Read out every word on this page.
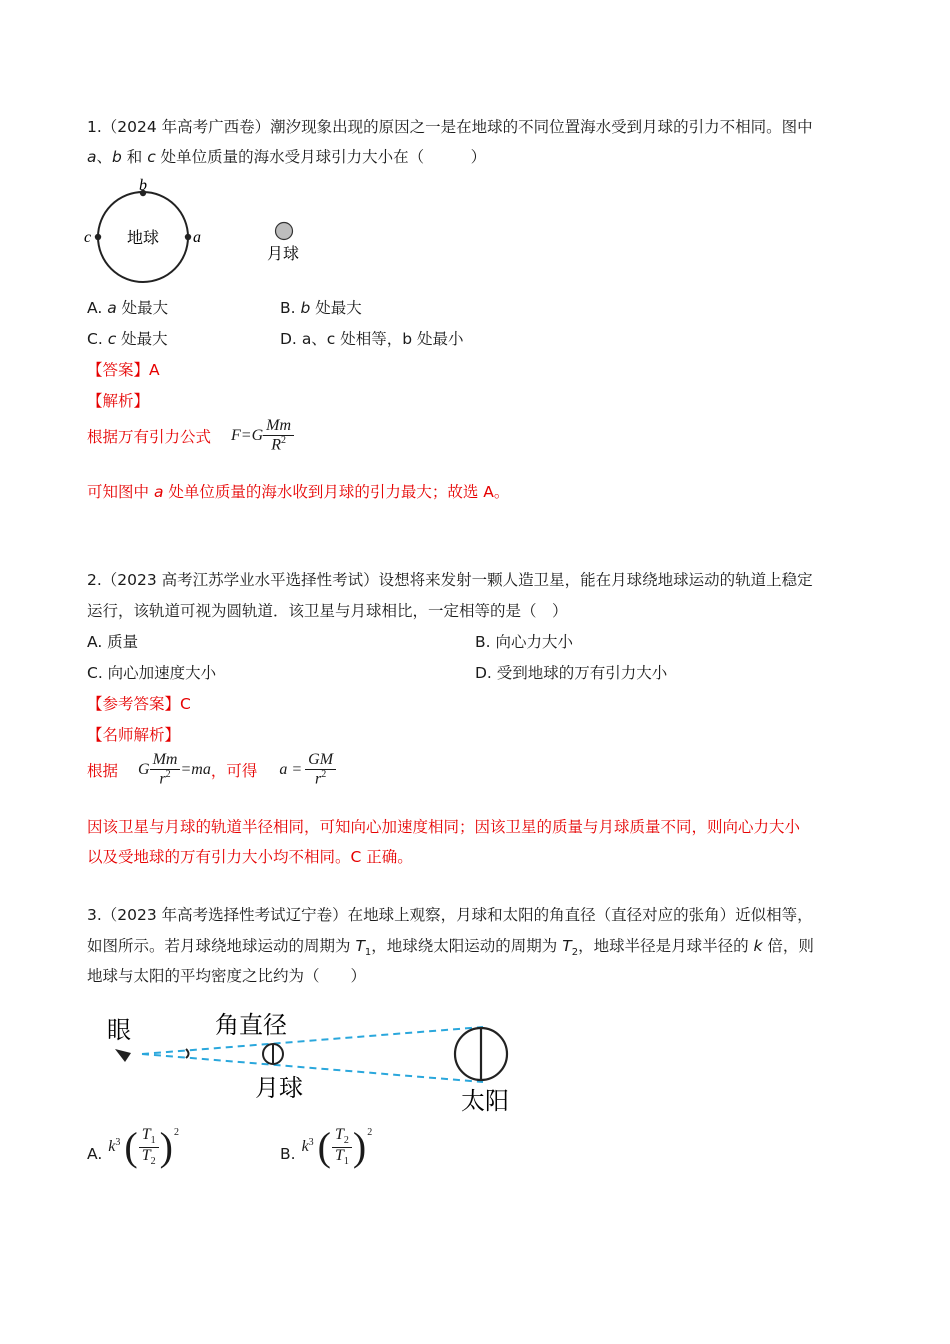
1.（2024 年高考广西卷）潮汐现象出现的原因之一是在地球的不同位置海水受到月球的引力不相同。图中
a、b 和 c 处单位质量的海水受月球引力大小在（　　　）
b
c	a
地球
月球
A. a 处最大	B. b 处最大
C. c 处最大	D. a、c 处相等，b 处最小
【答案】A
【解析】
根据万有引力公式 $F =G \frac{Mm}{R^2}$
可知图中 a 处单位质量的海水收到月球的引力最大；故选 A。
2.（2023 高考江苏学业水平选择性考试）设想将来发射一颗人造卫星，能在月球绕地球运动的轨道上稳定
运行，该轨道可视为圆轨道．该卫星与月球相比，一定相等的是（　）
A. 质量	B. 向心力大小
C. 向心加速度大小	D. 受到地球的万有引力大小
【参考答案】C
【名师解析】
根据 G $\frac{Mm}{r^2} =ma$ ，可得 $a = \frac{GM}{r^2}$
因该卫星与月球的轨道半径相同，可知向心加速度相同；因该卫星的质量与月球质量不同，则向心力大小
以及受地球的万有引力大小均不相同。C 正确。
3.（2023 年高考选择性考试辽宁卷）在地球上观察，月球和太阳的角直径（直径对应的张角）近似相等，
如图所示。若月球绕地球运动的周期为 $T_1$，地球绕太阳运动的周期为 $T_2$，地球半径是月球半径的 k 倍，则
地球与太阳的平均密度之比约为（　　）
眼	角直径
月球	太阳
A. $k^3$ ( $\frac{T_1}{T_2} )^2$
B. $k^3$ ( $\frac{T_2}{T_1} )^2$
